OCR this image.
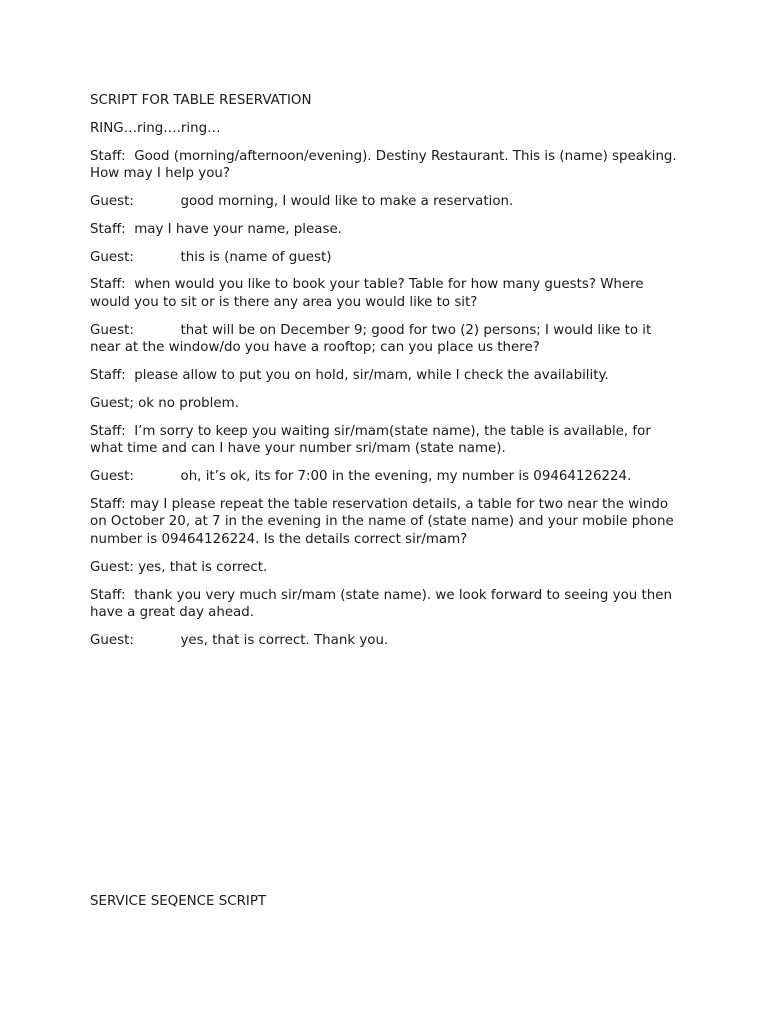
SCRIPT FOR TABLE RESERVATION

RING…ring….ring…

Staff:  Good (morning/afternoon/evening). Destiny Restaurant. This is (name) speaking. How may I help you?

Guest:	good morning, I would like to make a reservation.

Staff:  may I have your name, please.

Guest:	this is (name of guest)

Staff:  when would you like to book your table? Table for how many guests? Where would you to sit or is there any area you would like to sit?

Guest:	that will be on December 9; good for two (2) persons; I would like to it near at the window/do you have a rooftop; can you place us there?

Staff:  please allow to put you on hold, sir/mam, while I check the availability.

Guest; ok no problem.

Staff:  I’m sorry to keep you waiting sir/mam(state name), the table is available, for what time and can I have your number sri/mam (state name).

Guest:	oh, it’s ok, its for 7:00 in the evening, my number is 09464126224.

Staff: may I please repeat the table reservation details, a table for two near the windo on October 20, at 7 in the evening in the name of (state name) and your mobile phone number is 09464126224. Is the details correct sir/mam?

Guest: yes, that is correct.

Staff:  thank you very much sir/mam (state name). we look forward to seeing you then have a great day ahead.

Guest:	yes, that is correct. Thank you.

SERVICE SEQENCE SCRIPT
